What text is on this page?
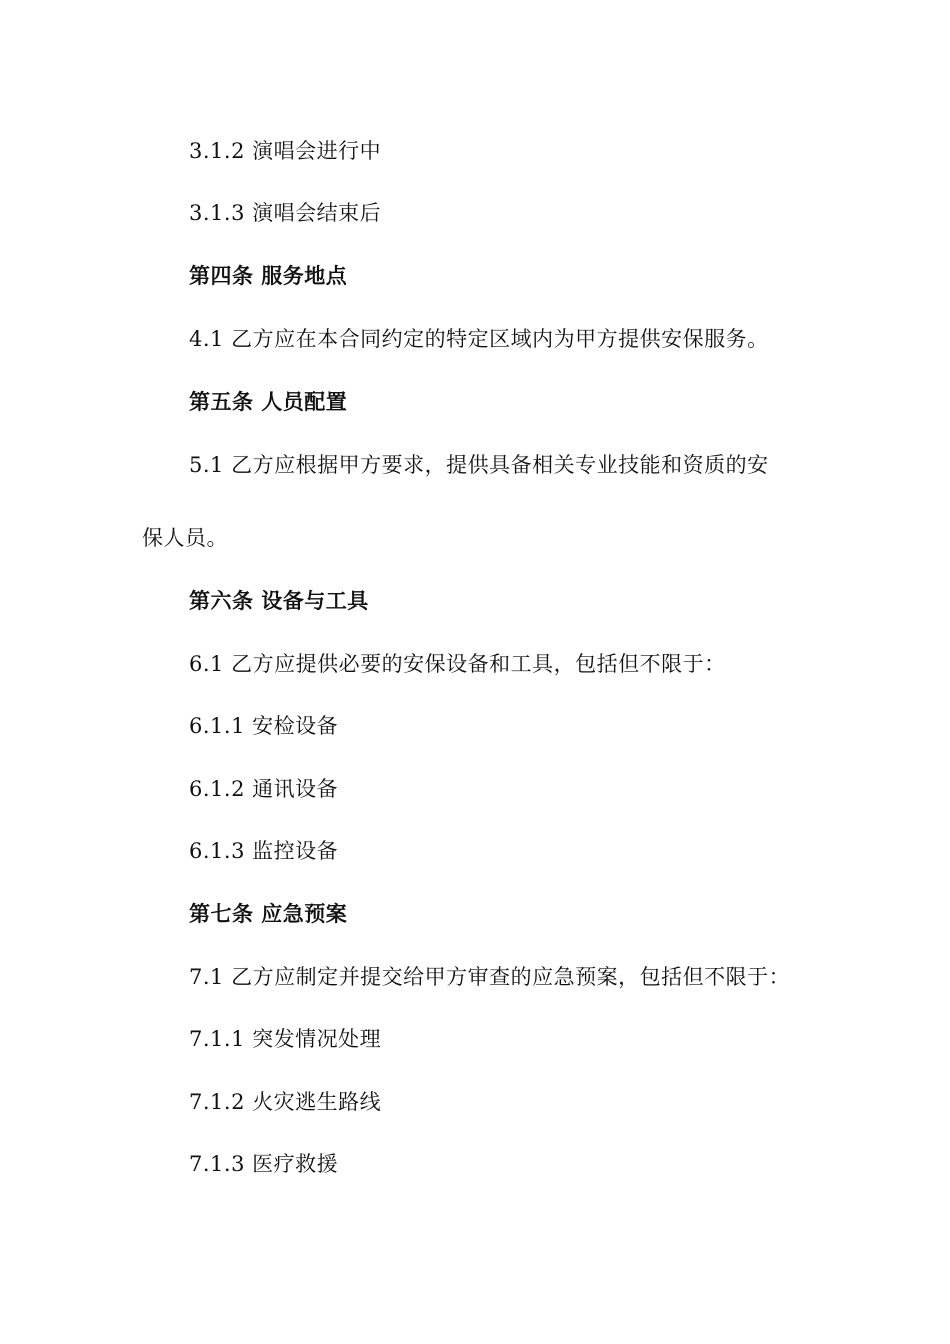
3.1.2 演唱会进行中
3.1.3 演唱会结束后
第四条 服务地点
4.1 乙方应在本合同约定的特定区域内为甲方提供安保服务。
第五条 人员配置
5.1 乙方应根据甲方要求，提供具备相关专业技能和资质的安
保人员。
第六条 设备与工具
6.1 乙方应提供必要的安保设备和工具，包括但不限于：
6.1.1 安检设备
6.1.2 通讯设备
6.1.3 监控设备
第七条 应急预案
7.1 乙方应制定并提交给甲方审查的应急预案，包括但不限于：
7.1.1 突发情况处理
7.1.2 火灾逃生路线
7.1.3 医疗救援
